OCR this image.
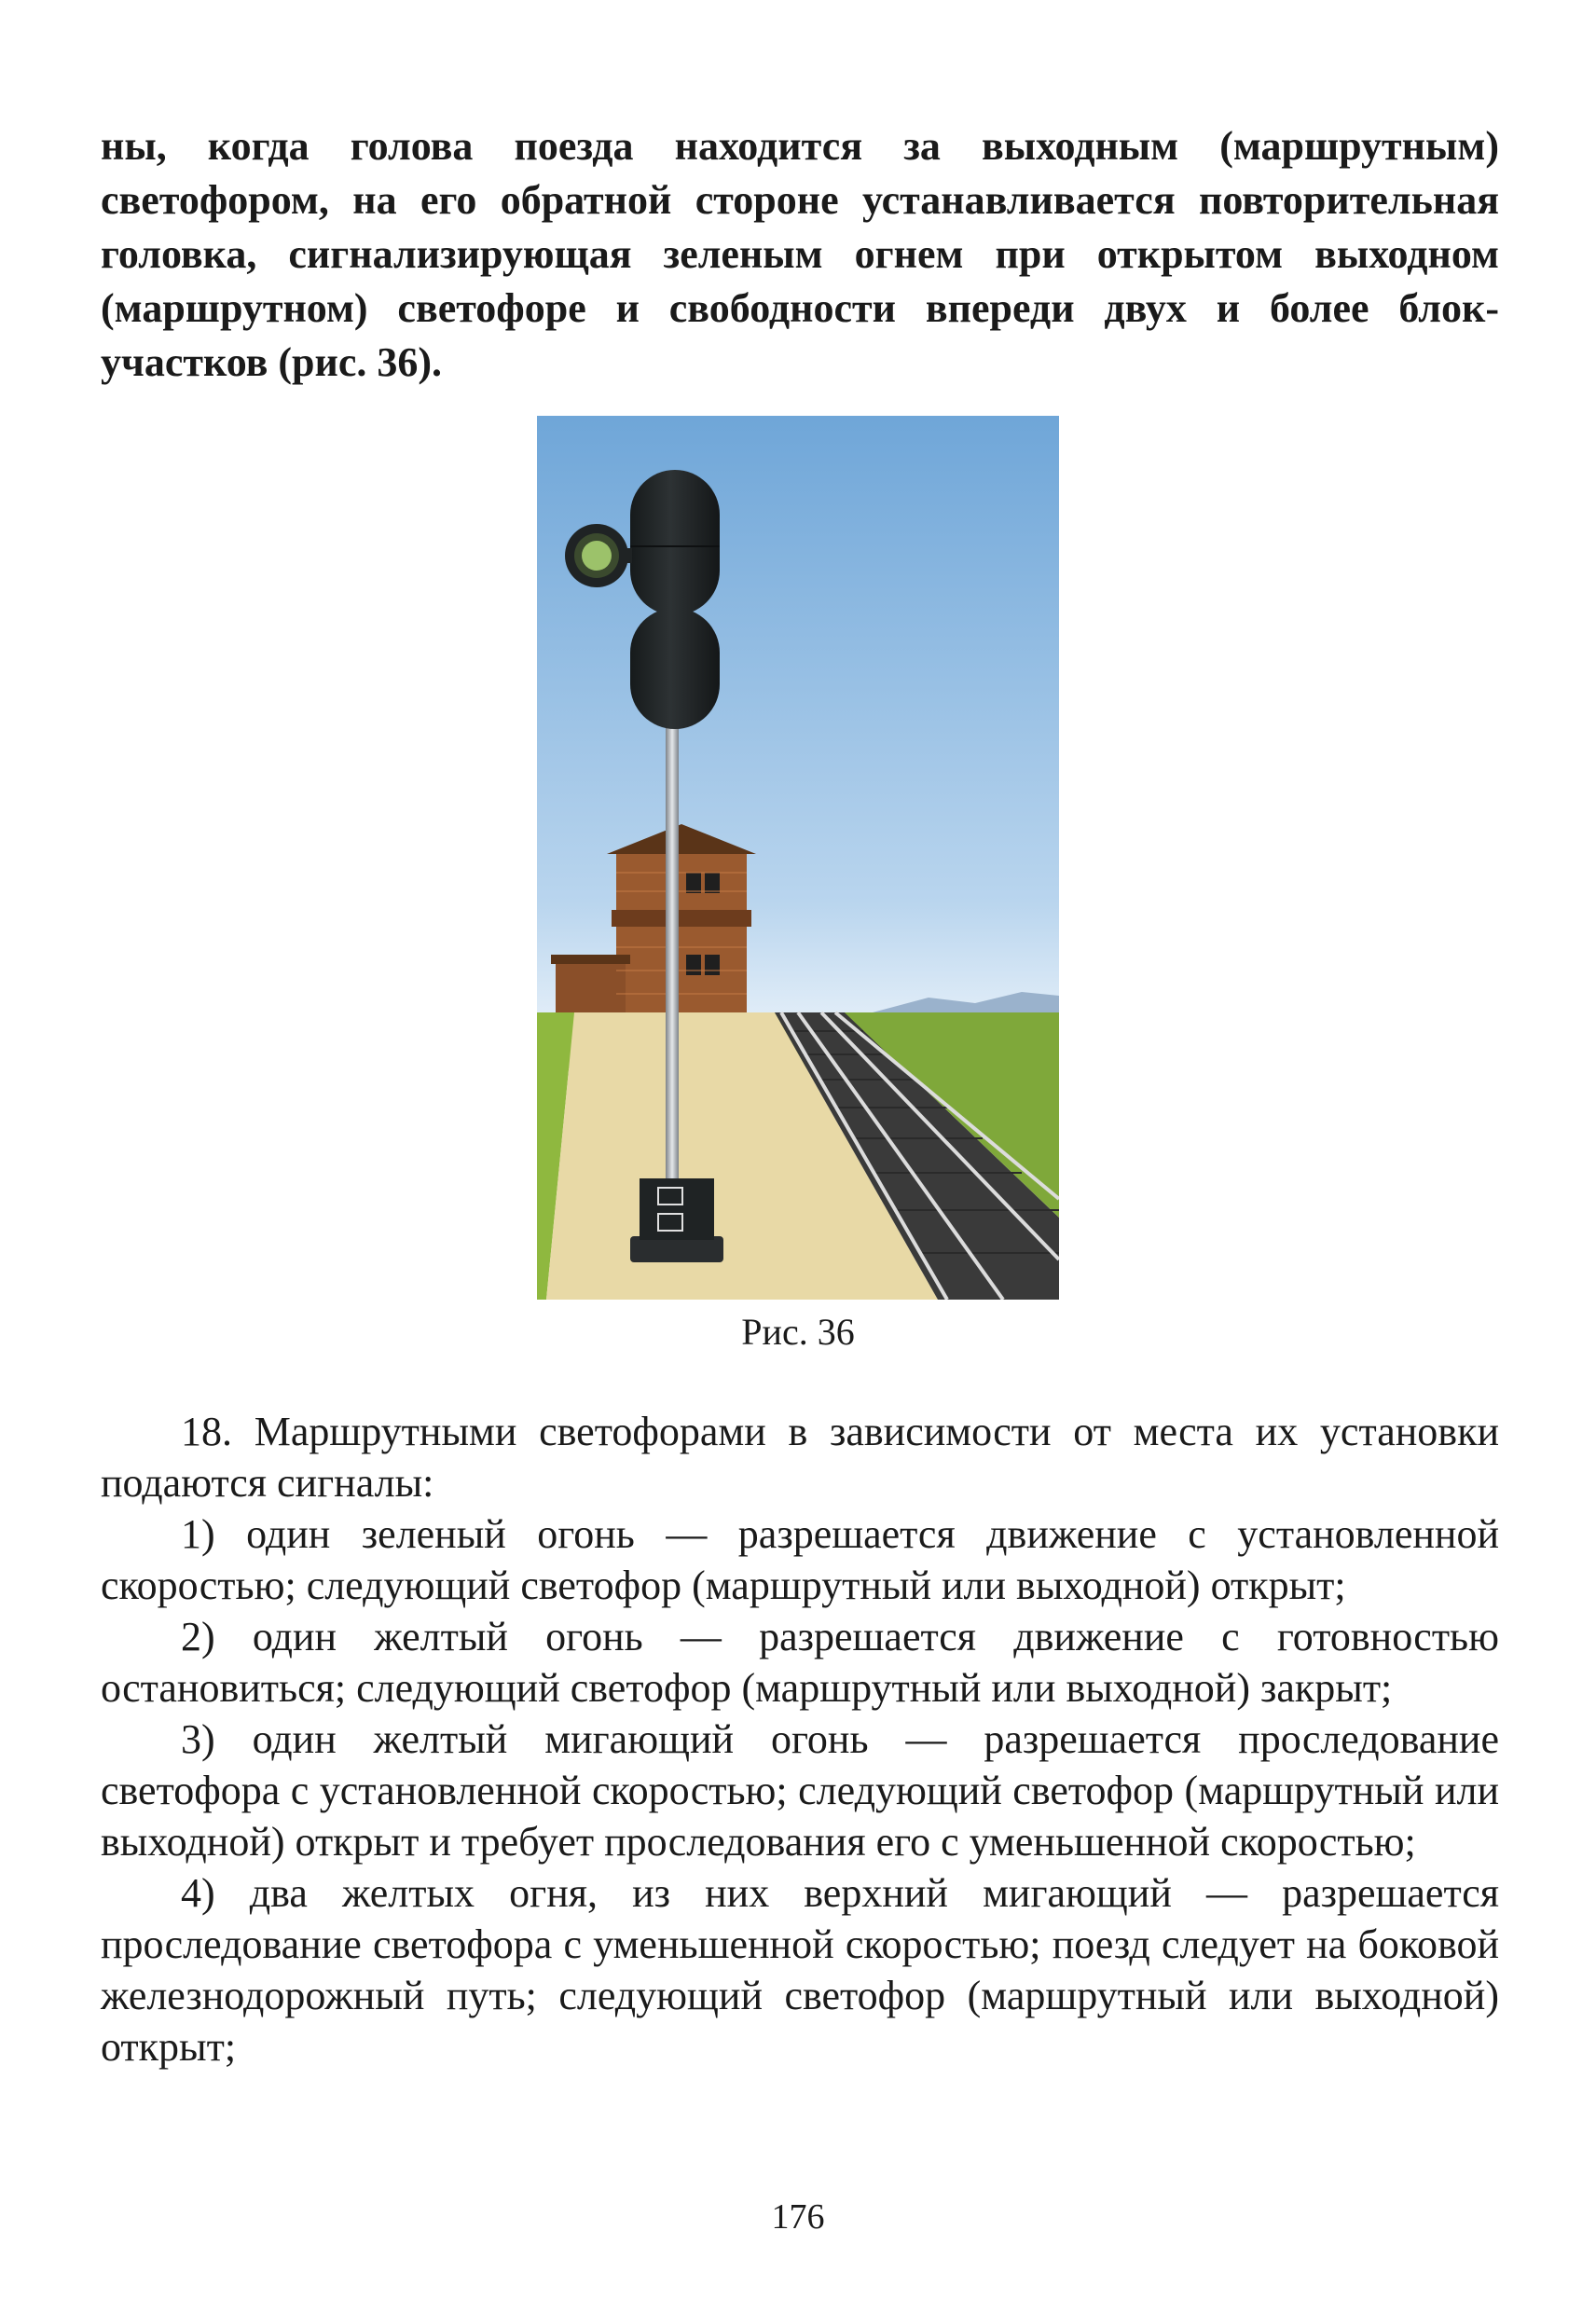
ны, когда голова поезда находится за выходным (маршрутным) светофором, на его обратной стороне устанавливается повторительная головка, сигнализирующая зеленым огнем при открытом выходном (маршрутном) светофоре и свободности впереди двух и более блок-участков (рис. 36).

Рис. 36

18. Маршрутными светофорами в зависимости от места их установки подаются сигналы:

1) один зеленый огонь — разрешается движение с установленной скоростью; следующий светофор (маршрутный или выходной) открыт;

2) один желтый огонь — разрешается движение с готовностью остановиться; следующий светофор (маршрутный или выходной) закрыт;

3) один желтый мигающий огонь — разрешается проследование светофора с установленной скоростью; следующий светофор (маршрутный или выходной) открыт и требует проследования его с уменьшенной скоростью;

4) два желтых огня, из них верхний мигающий — разрешается проследование светофора с уменьшенной скоростью; поезд следует на боковой железнодорожный путь; следующий светофор (маршрутный или выходной) открыт;

176
